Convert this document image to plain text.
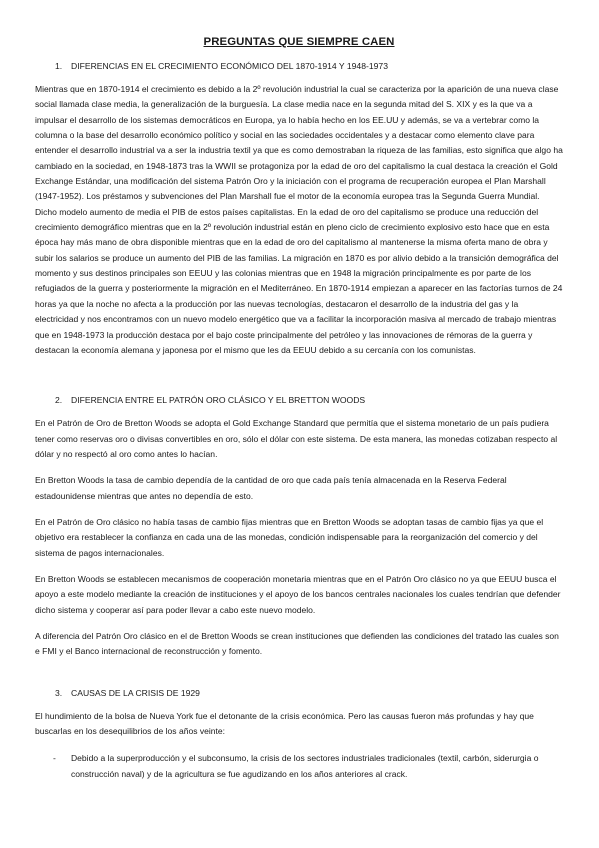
PREGUNTAS QUE SIEMPRE CAEN
1. DIFERENCIAS EN EL CRECIMIENTO ECONÓMICO DEL 1870-1914 Y 1948-1973

Mientras que en 1870-1914 el crecimiento es debido a la 2º revolución industrial la cual se caracteriza por la aparición de una nueva clase social llamada clase media, la generalización de la burguesía. La clase media nace en la segunda mitad del S. XIX y es la que va a impulsar el desarrollo de los sistemas democráticos en Europa, ya lo había hecho en los EE.UU y además, se va a vertebrar como la columna o la base del desarrollo económico político y social en las sociedades occidentales y a destacar como elemento clave para entender el desarrollo industrial va a ser la industria textil ya que es como demostraban la riqueza de las familias, esto significa que algo ha cambiado en la sociedad, en 1948-1873 tras la WWII se protagoniza por la edad de oro del capitalismo la cual destaca la creación el Gold Exchange Estándar, una modificación del sistema Patrón Oro y la iniciación con el programa de recuperación europea el Plan Marshall (1947-1952). Los préstamos y subvenciones del Plan Marshall fue el motor de la economía europea tras la Segunda Guerra Mundial. Dicho modelo aumento de media el PIB de estos países capitalistas. En la edad de oro del capitalismo se produce una reducción del crecimiento demográfico mientras que en la 2º revolución industrial están en pleno ciclo de crecimiento explosivo esto hace que en esta época hay más mano de obra disponible mientras que en la edad de oro del capitalismo al mantenerse la misma oferta mano de obra y subir los salarios se produce un aumento del PIB de las familias. La migración en 1870 es por alivio debido a la transición demográfica del momento y sus destinos principales son EEUU y las colonias mientras que en 1948 la migración principalmente es por parte de los refugiados de la guerra y posteriormente la migración en el Mediterráneo. En 1870-1914 empiezan a aparecer en las factorías turnos de 24 horas ya que la noche no afecta a la producción por las nuevas tecnologías, destacaron el desarrollo de la industria del gas y la electricidad y nos encontramos con un nuevo modelo energético que va a facilitar la incorporación masiva al mercado de trabajo mientras que en 1948-1973 la producción destaca por el bajo coste principalmente del petróleo y las innovaciones de rémoras de la guerra y destacan la economía alemana y japonesa por el mismo que les da EEUU debido a su cercanía con los comunistas.

2. DIFERENCIA ENTRE EL PATRÓN ORO CLÁSICO Y EL BRETTON WOODS

En el Patrón de Oro de Bretton Woods se adopta el Gold Exchange Standard que permitía que el sistema monetario de un país pudiera tener como reservas oro o divisas convertibles en oro, sólo el dólar con este sistema. De esta manera, las monedas cotizaban respecto al dólar y no respectó al oro como antes lo hacían.

En Bretton Woods la tasa de cambio dependía de la cantidad de oro que cada país tenía almacenada en la Reserva Federal estadounidense mientras que antes no dependía de esto.

En el Patrón de Oro clásico no había tasas de cambio fijas mientras que en Bretton Woods se adoptan tasas de cambio fijas ya que el objetivo era restablecer la confianza en cada una de las monedas, condición indispensable para la reorganización del comercio y del sistema de pagos internacionales.

En Bretton Woods se establecen mecanismos de cooperación monetaria mientras que en el Patrón Oro clásico no ya que EEUU busca el apoyo a este modelo mediante la creación de instituciones y el apoyo de los bancos centrales nacionales los cuales tendrían que defender dicho sistema y cooperar así para poder llevar a cabo este nuevo modelo.

A diferencia del Patrón Oro clásico en el de Bretton Woods se crean instituciones que defienden las condiciones del tratado las cuales son e FMI y el Banco internacional de reconstrucción y fomento.

3. CAUSAS DE LA CRISIS DE 1929

El hundimiento de la bolsa de Nueva York fue el detonante de la crisis económica. Pero las causas fueron más profundas y hay que buscarlas en los desequilibrios de los años veinte:

- Debido a la superproducción y el subconsumo, la crisis de los sectores industriales tradicionales (textil, carbón, siderurgia o construcción naval) y de la agricultura se fue agudizando en los años anteriores al crack.
